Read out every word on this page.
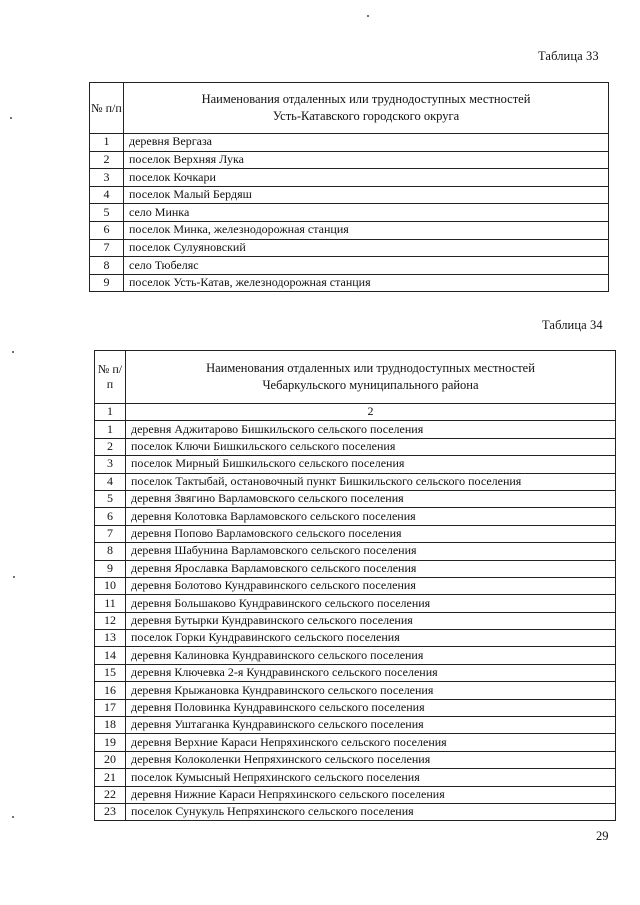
Таблица 33
№ п/п	Наименования отдаленных или труднодоступных местностей
Усть-Катавского городского округа

1	деревня Вергаза
2	поселок Верхняя Лука
3	поселок Кочкари
4	поселок Малый Бердяш
5	село Минка
6	поселок Минка, железнодорожная станция
7	поселок Сулуяновский
8	село Тюбеляс
9	поселок Усть-Катав, железнодорожная станция
Таблица 34
№ п/п	Наименования отдаленных или труднодоступных местностей
Чебаркульского муниципального района

1	2
1	деревня Аджитарово Бишкильского сельского поселения
2	поселок Ключи Бишкильского сельского поселения
3	поселок Мирный Бишкильского сельского поселения
4	поселок Тактыбай, остановочный пункт Бишкильского сельского поселения
5	деревня Звягино Варламовского сельского поселения
6	деревня Колотовка Варламовского сельского поселения
7	деревня Попово Варламовского сельского поселения
8	деревня Шабунина Варламовского сельского поселения
9	деревня Ярославка Варламовского сельского поселения
10	деревня Болотово Кундравинского сельского поселения
11	деревня Большаково Кундравинского сельского поселения
12	деревня Бутырки Кундравинского сельского поселения
13	поселок Горки Кундравинского сельского поселения
14	деревня Калиновка Кундравинского сельского поселения
15	деревня Ключевка 2-я Кундравинского сельского поселения
16	деревня Крыжановка Кундравинского сельского поселения
17	деревня Половинка Кундравинского сельского поселения
18	деревня Уштаганка Кундравинского сельского поселения
19	деревня Верхние Караси Непряхинского сельского поселения
20	деревня Колоколенки Непряхинского сельского поселения
21	поселок Кумысный Непряхинского сельского поселения
22	деревня Нижние Караси Непряхинского сельского поселения
23	поселок Сунукуль Непряхинского сельского поселения
29
